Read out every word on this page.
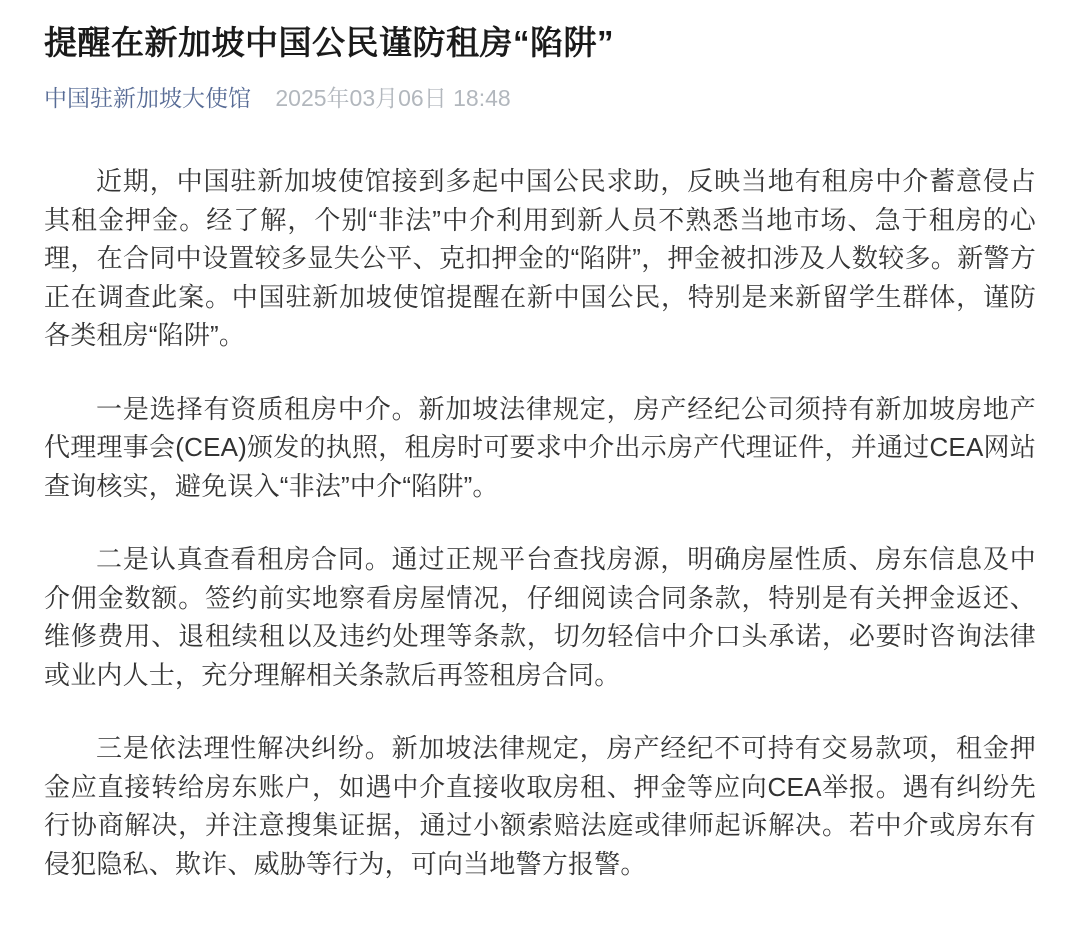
提醒在新加坡中国公民谨防租房“陷阱”
中国驻新加坡大使馆 2025年03月06日 18:48

近期，中国驻新加坡使馆接到多起中国公民求助，反映当地有租房中介蓄意侵占其租金押金。经了解，个别“非法”中介利用到新人员不熟悉当地市场、急于租房的心理，在合同中设置较多显失公平、克扣押金的“陷阱”，押金被扣涉及人数较多。新警方正在调查此案。中国驻新加坡使馆提醒在新中国公民，特别是来新留学生群体，谨防各类租房“陷阱”。

一是选择有资质租房中介。新加坡法律规定，房产经纪公司须持有新加坡房地产代理理事会(CEA)颁发的执照，租房时可要求中介出示房产代理证件，并通过CEA网站查询核实，避免误入“非法”中介“陷阱”。

二是认真查看租房合同。通过正规平台查找房源，明确房屋性质、房东信息及中介佣金数额。签约前实地察看房屋情况，仔细阅读合同条款，特别是有关押金返还、维修费用、退租续租以及违约处理等条款，切勿轻信中介口头承诺，必要时咨询法律或业内人士，充分理解相关条款后再签租房合同。

三是依法理性解决纠纷。新加坡法律规定，房产经纪不可持有交易款项，租金押金应直接转给房东账户，如遇中介直接收取房租、押金等应向CEA举报。遇有纠纷先行协商解决，并注意搜集证据，通过小额索赔法庭或律师起诉解决。若中介或房东有侵犯隐私、欺诈、威胁等行为，可向当地警方报警。
